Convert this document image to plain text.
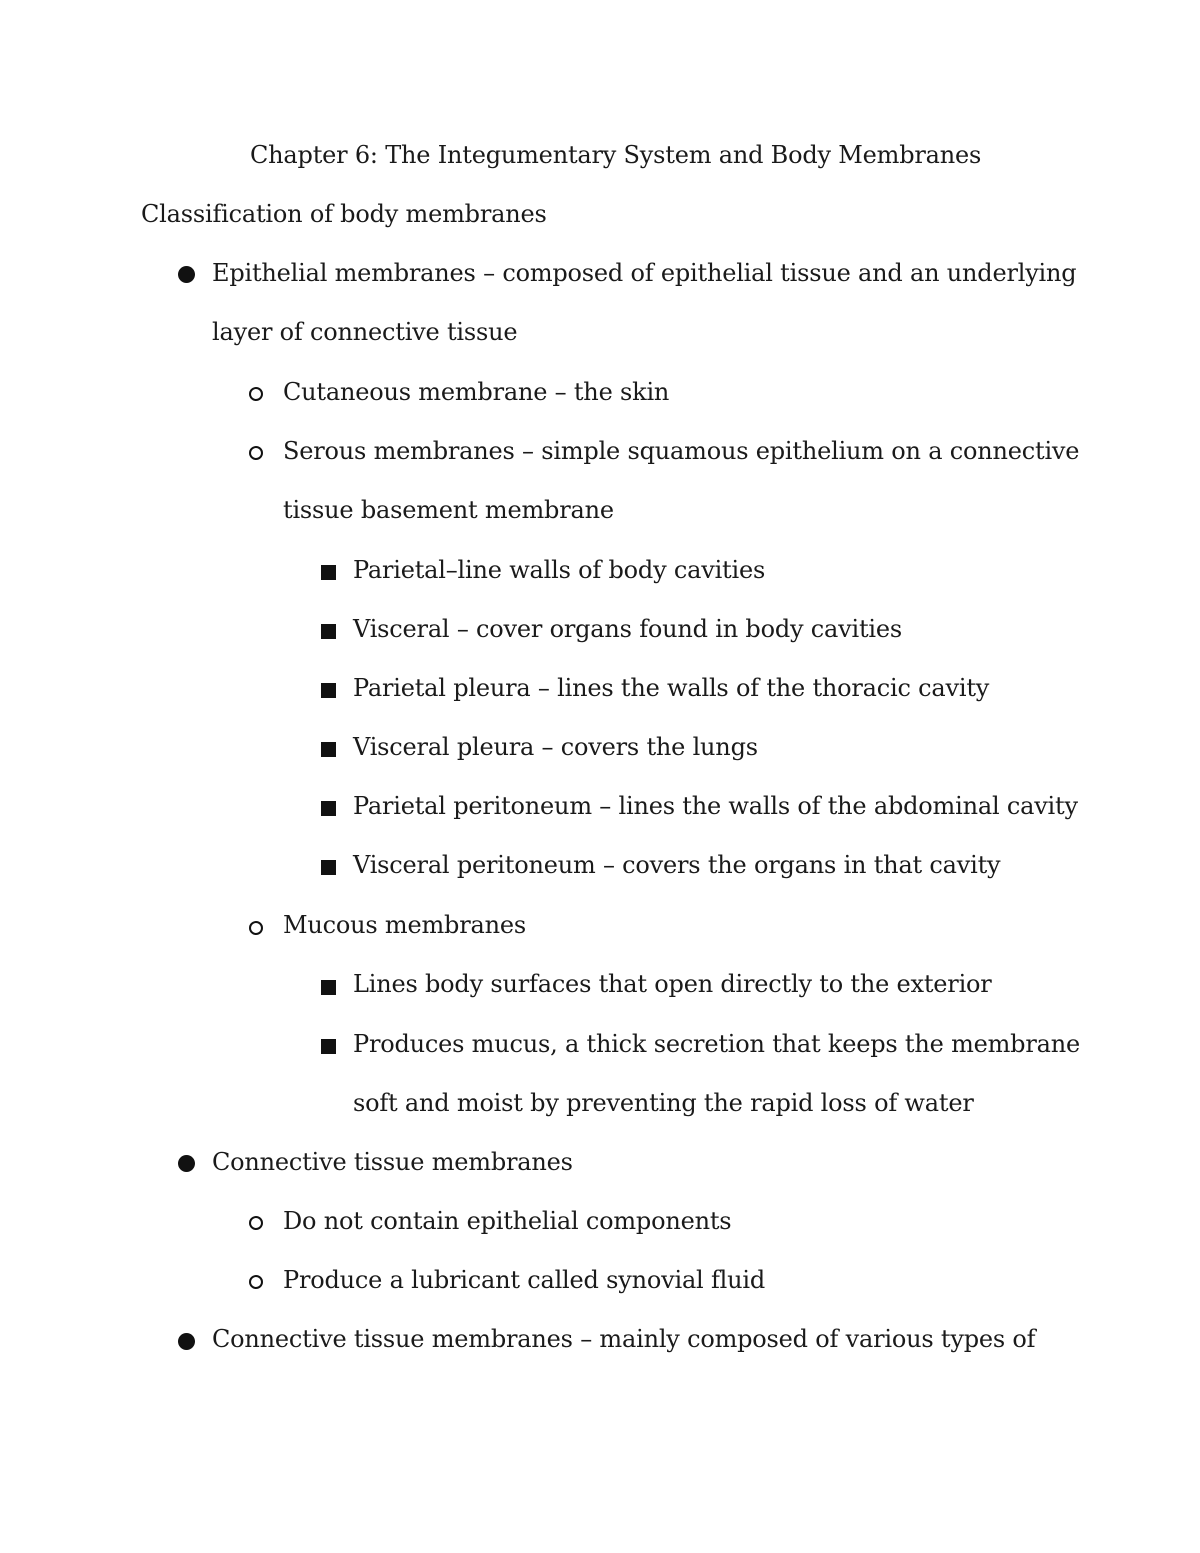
Chapter 6: The Integumentary System and Body Membranes
Classification of body membranes
Epithelial membranes – composed of epithelial tissue and an underlying
layer of connective tissue
Cutaneous membrane – the skin
Serous membranes – simple squamous epithelium on a connective
tissue basement membrane
Parietal–line walls of body cavities
Visceral – cover organs found in body cavities
Parietal pleura – lines the walls of the thoracic cavity
Visceral pleura – covers the lungs
Parietal peritoneum – lines the walls of the abdominal cavity
Visceral peritoneum – covers the organs in that cavity
Mucous membranes
Lines body surfaces that open directly to the exterior
Produces mucus, a thick secretion that keeps the membrane
soft and moist by preventing the rapid loss of water
Connective tissue membranes
Do not contain epithelial components
Produce a lubricant called synovial fluid
Connective tissue membranes – mainly composed of various types of
